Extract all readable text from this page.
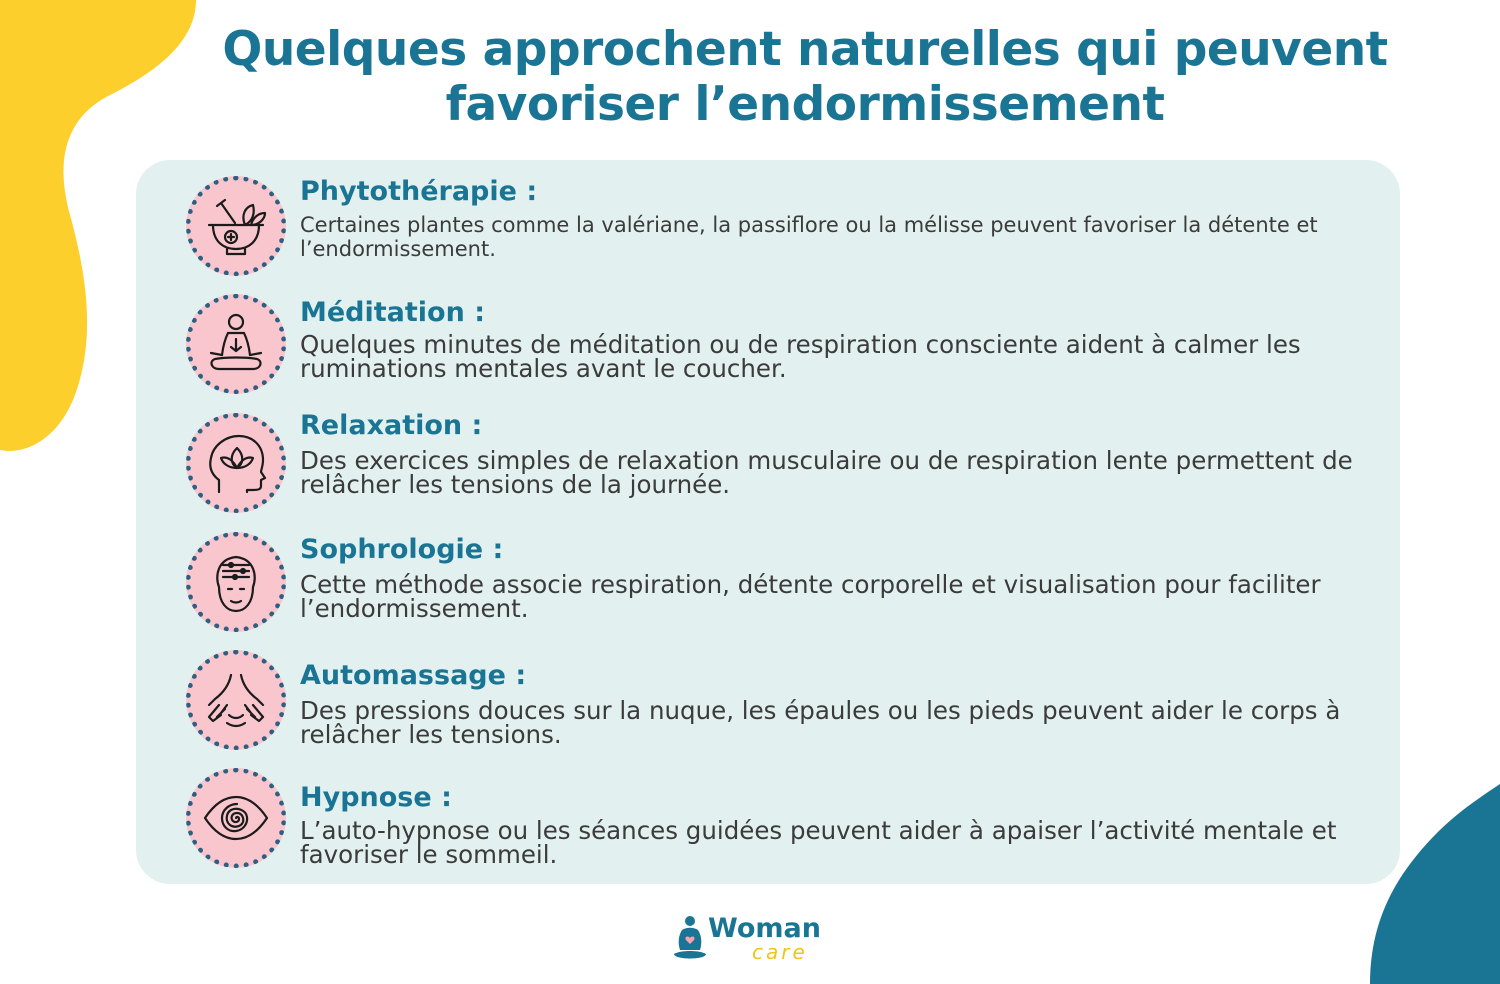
Quelques approchent naturelles qui peuvent favoriser l’endormissement
Phytothérapie :
Certaines plantes comme la valériane, la passiflore ou la mélisse peuvent favoriser la détente et l’endormissement.
Méditation :
Quelques minutes de méditation ou de respiration consciente aident à calmer les ruminations mentales avant le coucher.
Relaxation :
Des exercices simples de relaxation musculaire ou de respiration lente permettent de relâcher les tensions de la journée.
Sophrologie :
Cette méthode associe respiration, détente corporelle et visualisation pour faciliter l’endormissement.
Automassage :
Des pressions douces sur la nuque, les épaules ou les pieds peuvent aider le corps à relâcher les tensions.
Hypnose :
L’auto-hypnose ou les séances guidées peuvent aider à apaiser l’activité mentale et favoriser le sommeil.
Woman
care
